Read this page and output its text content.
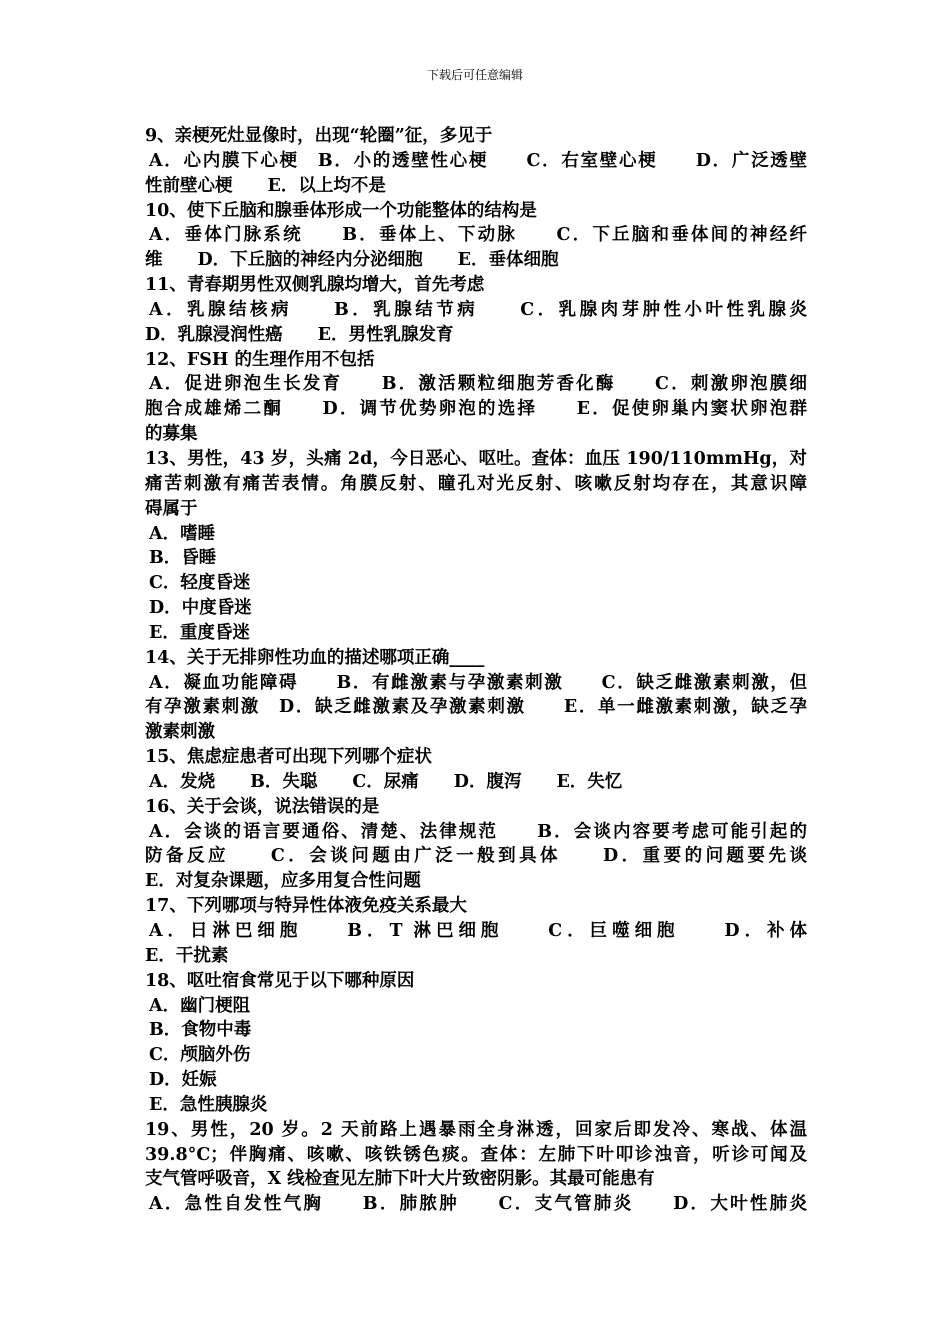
下载后可任意编辑
9、亲梗死灶显像时，出现“轮圈”征，多见于
A．心内膜下心梗　B．小的透壁性心梗　　C．右室壁心梗　　D．广泛透壁
性前壁心梗　　E．以上均不是
10、使下丘脑和腺垂体形成一个功能整体的结构是
A．垂体门脉系统　　B．垂体上、下动脉　　C．下丘脑和垂体间的神经纤
维　　D．下丘脑的神经内分泌细胞　　E．垂体细胞
11、青春期男性双侧乳腺均增大，首先考虑
A．乳腺结核病　　B．乳腺结节病　　C．乳腺肉芽肿性小叶性乳腺炎
D．乳腺浸润性癌　　E．男性乳腺发育
12、FSH 的生理作用不包括
A．促进卵泡生长发育　　B．激活颗粒细胞芳香化酶　　C．刺激卵泡膜细
胞合成雄烯二酮　　D．调节优势卵泡的选择　　E．促使卵巢内窦状卵泡群
的募集
13、男性，43 岁，头痛 2d，今日恶心、呕吐。查体：血压 190/110mmHg，对
痛苦刺激有痛苦表情。角膜反射、瞳孔对光反射、咳嗽反射均存在，其意识障
碍属于
A．嗜睡
B．昏睡
C．轻度昏迷
D．中度昏迷
E．重度昏迷
14、关于无排卵性功血的描述哪项正确____
A．凝血功能障碍　　B．有雌激素与孕激素刺激　　C．缺乏雌激素刺激，但
有孕激素刺激　D．缺乏雌激素及孕激素刺激　　E．单一雌激素刺激，缺乏孕
激素刺激
15、焦虑症患者可出现下列哪个症状
A．发烧　　B．失聪　　C．尿痛　　D．腹泻　　E．失忆
16、关于会谈，说法错误的是
A．会谈的语言要通俗、清楚、法律规范　　B．会谈内容要考虑可能引起的
防备反应　　C．会谈问题由广泛一般到具体　　D．重要的问题要先谈
E．对复杂课题，应多用复合性问题
17、下列哪项与特异性体液免疫关系最大
A．日淋巴细胞　　B．T 淋巴细胞　　C．巨噬细胞　　D．补体
E．干扰素
18、呕吐宿食常见于以下哪种原因
A．幽门梗阻
B．食物中毒
C．颅脑外伤
D．妊娠
E．急性胰腺炎
19、男性，20 岁。2 天前路上遇暴雨全身淋透，回家后即发冷、寒战、体温
39.8°C；伴胸痛、咳嗽、咳铁锈色痰。查体：左肺下叶叩诊浊音，听诊可闻及
支气管呼吸音，X 线检查见左肺下叶大片致密阴影。其最可能患有
A．急性自发性气胸　　B．肺脓肿　　C．支气管肺炎　　D．大叶性肺炎
